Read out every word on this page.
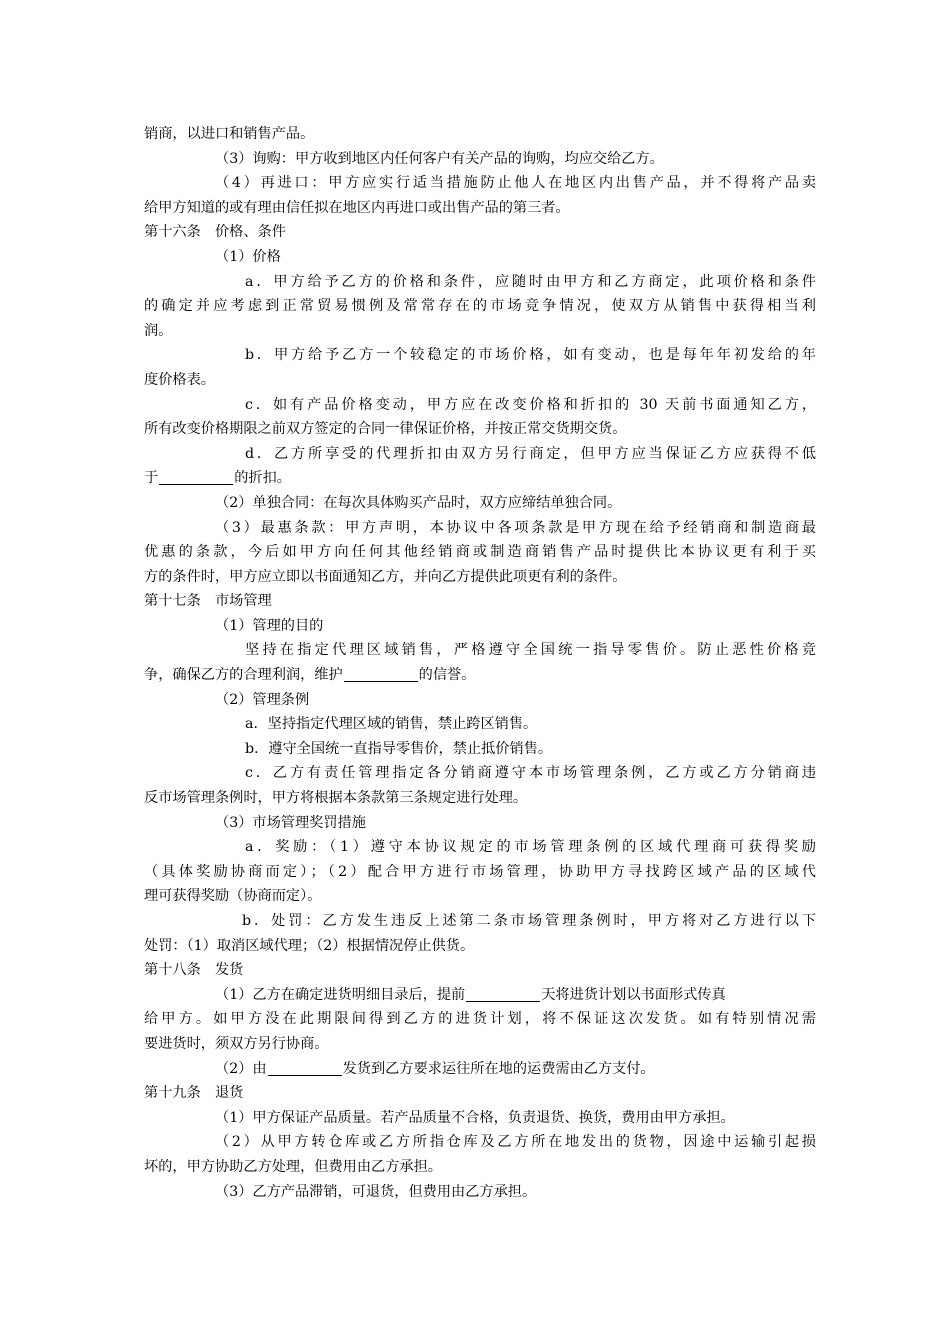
销商，以进口和销售产品。
（3）询购：甲方收到地区内任何客户有关产品的询购，均应交给乙方。
（4）再进口：甲方应实行适当措施防止他人在地区内出售产品，并不得将产品卖
给甲方知道的或有理由信任拟在地区内再进口或出售产品的第三者。
第十六条　价格、条件
（1）价格
a．甲方给予乙方的价格和条件，应随时由甲方和乙方商定，此项价格和条件
的确定并应考虑到正常贸易惯例及常常存在的市场竞争情况，使双方从销售中获得相当利
润。
b．甲方给予乙方一个较稳定的市场价格，如有变动，也是每年年初发给的年
度价格表。
c．如有产品价格变动，甲方应在改变价格和折扣的 30 天前书面通知乙方，
所有改变价格期限之前双方签定的合同一律保证价格，并按正常交货期交货。
d．乙方所享受的代理折扣由双方另行商定，但甲方应当保证乙方应获得不低
于	的折扣。
（2）单独合同：在每次具体购买产品时，双方应缔结单独合同。
（3）最惠条款：甲方声明，本协议中各项条款是甲方现在给予经销商和制造商最
优惠的条款，今后如甲方向任何其他经销商或制造商销售产品时提供比本协议更有利于买
方的条件时，甲方应立即以书面通知乙方，并向乙方提供此项更有利的条件。
第十七条　市场管理
（1）管理的目的
坚持在指定代理区域销售，严格遵守全国统一指导零售价。防止恶性价格竞
争，确保乙方的合理利润，维护	的信誉。
（2）管理条例
a．坚持指定代理区域的销售，禁止跨区销售。
b．遵守全国统一直指导零售价，禁止抵价销售。
c．乙方有责任管理指定各分销商遵守本市场管理条例，乙方或乙方分销商违
反市场管理条例时，甲方将根据本条款第三条规定进行处理。
（3）市场管理奖罚措施
a．奖励：（1）遵守本协议规定的市场管理条例的区域代理商可获得奖励
（具体奖励协商而定）；（2）配合甲方进行市场管理，协助甲方寻找跨区域产品的区域代
理可获得奖励（协商而定）。
b．处罚：乙方发生违反上述第二条市场管理条例时，甲方将对乙方进行以下
处罚：（1）取消区域代理；（2）根据情况停止供货。
第十八条　发货
（1）乙方在确定进货明细目录后，提前	天将进货计划以书面形式传真
给甲方。如甲方没在此期限间得到乙方的进货计划，将不保证这次发货。如有特别情况需
要进货时，须双方另行协商。
（2）由	发货到乙方要求运往所在地的运费需由乙方支付。
第十九条　退货
（1）甲方保证产品质量。若产品质量不合格，负责退货、换货，费用由甲方承担。
（2）从甲方转仓库或乙方所指仓库及乙方所在地发出的货物，因途中运输引起损
坏的，甲方协助乙方处理，但费用由乙方承担。
（3）乙方产品滞销，可退货，但费用由乙方承担。
